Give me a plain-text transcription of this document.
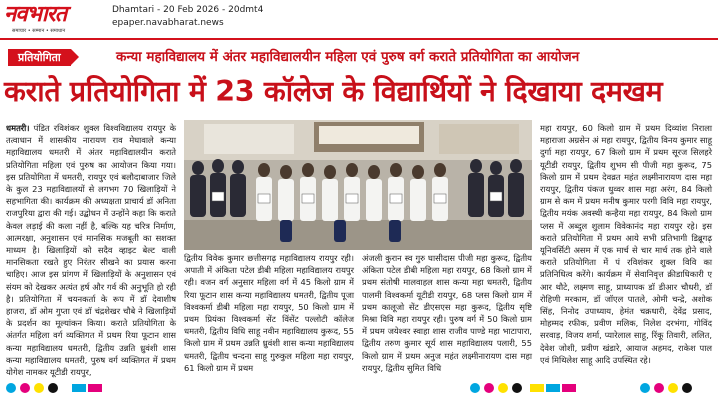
नवभारत
समाचार • सम्मान • समाधान
Dhamtari - 20 Feb 2026 - 20dmt4
epaper.navabharat.news
प्रतियोगिता	कन्या महाविद्यालय में अंतर महाविद्यालयीन महिला एवं पुरुष वर्ग कराते प्रतियोगिता का आयोजन
कराते प्रतियोगिता में 23 कॉलेज के विद्यार्थियों ने दिखाया दमखम
धमतरी। पंडित रविशंकर शुक्ल विश्वविद्यालय रायपुर के तत्वाधान में शासकीय नारायण राव मेघावाले कन्या महाविद्यालय धमतरी में अंतर महाविद्यालयीन कराते प्रतियोगिता महिला एवं पुरुष का आयोजन किया गया। इस प्रतियोगिता में धमतरी, रायपुर एवं बलौदाबाजार जिले के कुल 23 महाविद्यालयों से लगभग 70 खिलाड़ियों ने सहभागिता की। कार्यक्रम की अध्यक्षता प्राचार्य डॉ अनिता राजपुरिया द्वारा की गई। उद्बोधन में उन्होंने कहा कि कराते केवल लड़ाई की कला नहीं है, बल्कि यह चरित्र निर्माण, आत्मरक्षा, अनुशासन एवं मानसिक मजबूती का सशक्त माध्यम है। खिलाड़ियों को सदैव व्हाइट बेल्ट वाली मानसिकता रखते हुए निरंतर सीखने का प्रयास करना चाहिए। आज इस प्रांगण में खिलाड़ियों के अनुशासन एवं संयम को देखकर अत्यंत हर्ष और गर्व की अनुभूति हो रही है। प्रतियोगिता में चयनकर्ता के रूप में डॉ देवाशीष हाजरा, डॉ ओम गुप्ता एवं डॉ चंद्रशेखर चौबे ने खिलाड़ियों के प्रदर्शन का मूल्यांकन किया। कराते प्रतियोगिता के अंतर्गत महिला वर्ग व्यक्तिगत में प्रथम रिया फूटान शास कन्या महाविद्यालय धमतरी, द्वितीय उन्नति ध्रुवंशी शास कन्या महाविद्यालय धमतरी, पुरुष वर्ग व्यक्तिगत में प्रथम योगेश नामकर यूटीडी रायपुर,
द्वितीय विवेक कुमार छत्तीसगढ़ महाविद्यालय रायपुर रही। अपाती में अंकिता पटेल डीबी महिला महाविद्यालय रायपुर रही। वजन वर्ग अनुसार महिला वर्ग में 45 किलो ग्राम में रिया फूटान शास कन्या महाविद्यालय धमतरी, द्वितीय पूजा विश्वकर्मा डीबी महिला महा रायपुर, 50 किलो ग्राम में प्रथम प्रियंका विश्वकर्मा सेंट विंसेंट पल्लोटी कॉलेज धमतरी, द्वितीय विधि साहू नवीन महाविद्यालय कुरूद, 55 किलो ग्राम में प्रथम उन्नति ध्रुवंशी शास कन्या महाविद्यालय धमतरी, द्वितीय चन्दना साहू गुरुकुल महिला महा रायपुर, 61 किलो ग्राम में प्रथम
अंजली कुरान स्व गुरु घासीदास पीजी महा कुरूद, द्वितीय अंकिता पटेल डीबी महिला महा रायपुर, 68 किलो ग्राम में प्रथम संतोषी मालवाहल शास कन्या महा धमतरी, द्वितीय पालमी विश्वकर्मा यूटीडी रायपुर, 68 प्लस किलो ग्राम में प्रथम कालूजो सेंट डीएसएस महा कुरूद, द्वितीय सृष्टि मिश्रा विवि महा रायपुर रही। पुरुष वर्ग में 50 किलो ग्राम में प्रथम जयेश्वर स्वाहा शास राजीव पाण्डे महा भाटापारा, द्वितीय तरुण कुमार सूर्य शास महाविद्यालय पलारी, 55 किलो ग्राम में प्रथम अनुज महंत लक्ष्मीनारायण दास महा रायपुर, द्वितीय सुमित विधि
महा रायपुर, 60 किलो ग्राम में प्रथम दिव्यांश निराला महाराजा अग्रसेन अं महा रायपुर, द्वितीय विनय कुमार साहू दुर्गा महा रायपुर, 67 किलो ग्राम में प्रथम सूरज सिलहरे यूटीडी रायपुर, द्वितीय शुभम सी पीजी महा कुरूद, 75 किलो ग्राम में प्रथम देवव्रत महंत लक्ष्मीनारायण दास महा रायपुर, द्वितीय पंकज धुव्वर शास महा अरंग, 84 किलो ग्राम से कम में प्रथम मनीष कुमार परगी विवि महा रायपुर, द्वितीय मयंक अवस्थी कन्हैया महा रायपुर, 84 किलो ग्राम प्लस में अब्दुल शुलाम विवेकानंद महा रायपुर रहे। इस कराते प्रतियोगिता में प्रथम आये सभी प्रतिभागी डिब्रूगढ़ यूनिवर्सिटी असम में एक मार्च से चार मार्च तक होने वाले कराते प्रतियोगिता में पं रविशंकर शुक्ल विवि का प्रतिनिधित्व करेंगे। कार्यक्रम में सेवानिवृत्त क्रीडाधिकारी ए आर थौटे, लक्ष्मण साहू, प्राध्यापक डॉ डीआर चौधरी, डॉ रोहिणी मरकाम, डॉ जॉएल पातले, ओमी चन्द्रे, अशोक सिंह, निनोद उपाध्याय, हेमंत चक्रधारी, देवेंद्र प्रसाद, मोहम्मद रफीक, प्रवीण मलिक, निलेश दरभंगा, गोविंद सरवाड़, विजय शर्मा, प्यारेलाल साहू, रिंकू तिवारी, ललित, देवेश जोशी, प्रवीण खंडारे, आयाज अहमद, राकेश पाल एवं मिथिलेश साहू आदि उपस्थित रहे।
